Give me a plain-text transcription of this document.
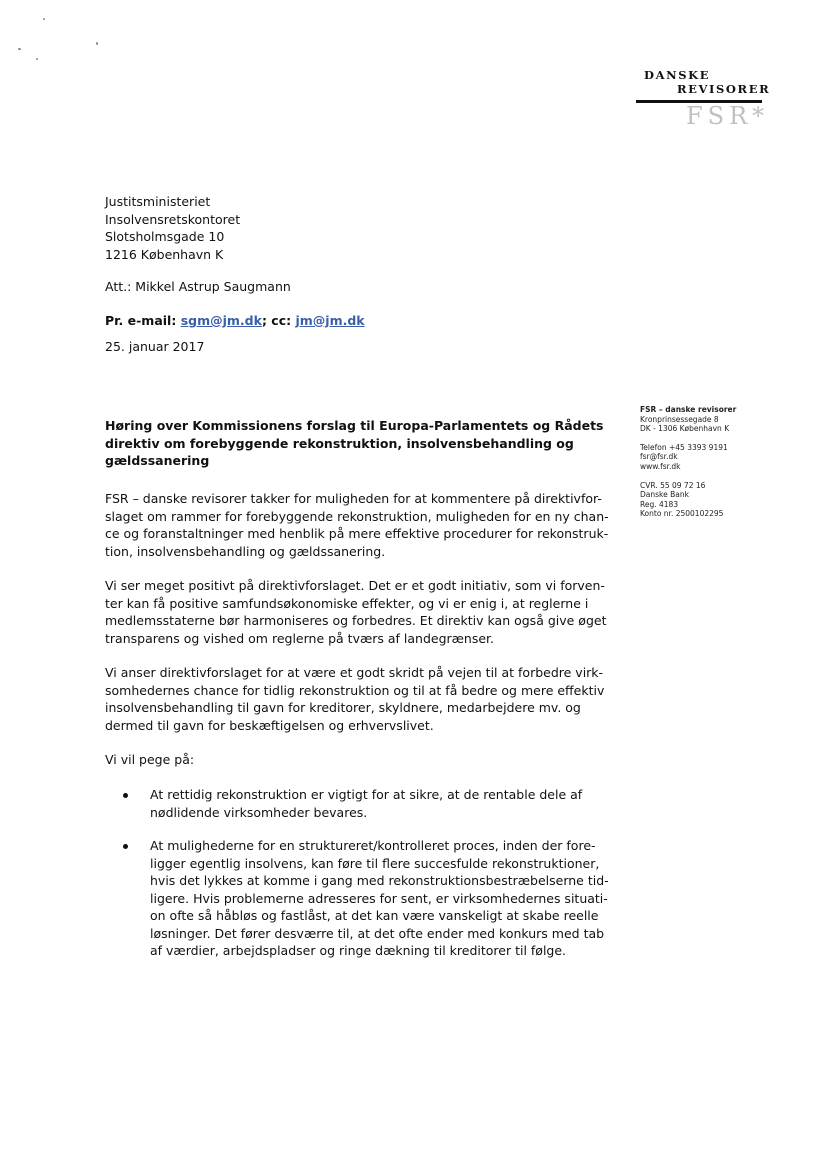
DANSKE
REVISORER
FSR*
Justitsministeriet
Insolvensretskontoret
Slotsholmsgade 10
1216 København K
Att.: Mikkel Astrup Saugmann
Pr. e-mail: sgm@jm.dk; cc: jm@jm.dk
25. januar 2017
Høring over Kommissionens forslag til Europa-Parlamentets og Rådets
direktiv om forebyggende rekonstruktion, insolvensbehandling og
gældssanering
FSR – danske revisorer
Kronprinsessegade 8
DK - 1306 København K
Telefon +45 3393 9191
fsr@fsr.dk
www.fsr.dk
CVR. 55 09 72 16
Danske Bank
Reg. 4183
Konto nr. 2500102295
FSR – danske revisorer takker for muligheden for at kommentere på direktivfor-
slaget om rammer for forebyggende rekonstruktion, muligheden for en ny chan-
ce og foranstaltninger med henblik på mere effektive procedurer for rekonstruk-
tion, insolvensbehandling og gældssanering.
Vi ser meget positivt på direktivforslaget. Det er et godt initiativ, som vi forven-
ter kan få positive samfundsøkonomiske effekter, og vi er enig i, at reglerne i
medlemsstaterne bør harmoniseres og forbedres. Et direktiv kan også give øget
transparens og vished om reglerne på tværs af landegrænser.
Vi anser direktivforslaget for at være et godt skridt på vejen til at forbedre virk-
somhedernes chance for tidlig rekonstruktion og til at få bedre og mere effektiv
insolvensbehandling til gavn for kreditorer, skyldnere, medarbejdere mv. og
dermed til gavn for beskæftigelsen og erhvervslivet.
Vi vil pege på:
At rettidig rekonstruktion er vigtigt for at sikre, at de rentable dele af
nødlidende virksomheder bevares.
At mulighederne for en struktureret/kontrolleret proces, inden der fore-
ligger egentlig insolvens, kan føre til flere succesfulde rekonstruktioner,
hvis det lykkes at komme i gang med rekonstruktionsbestræbelserne tid-
ligere. Hvis problemerne adresseres for sent, er virksomhedernes situati-
on ofte så håbløs og fastlåst, at det kan være vanskeligt at skabe reelle
løsninger. Det fører desværre til, at det ofte ender med konkurs med tab
af værdier, arbejdspladser og ringe dækning til kreditorer til følge.
